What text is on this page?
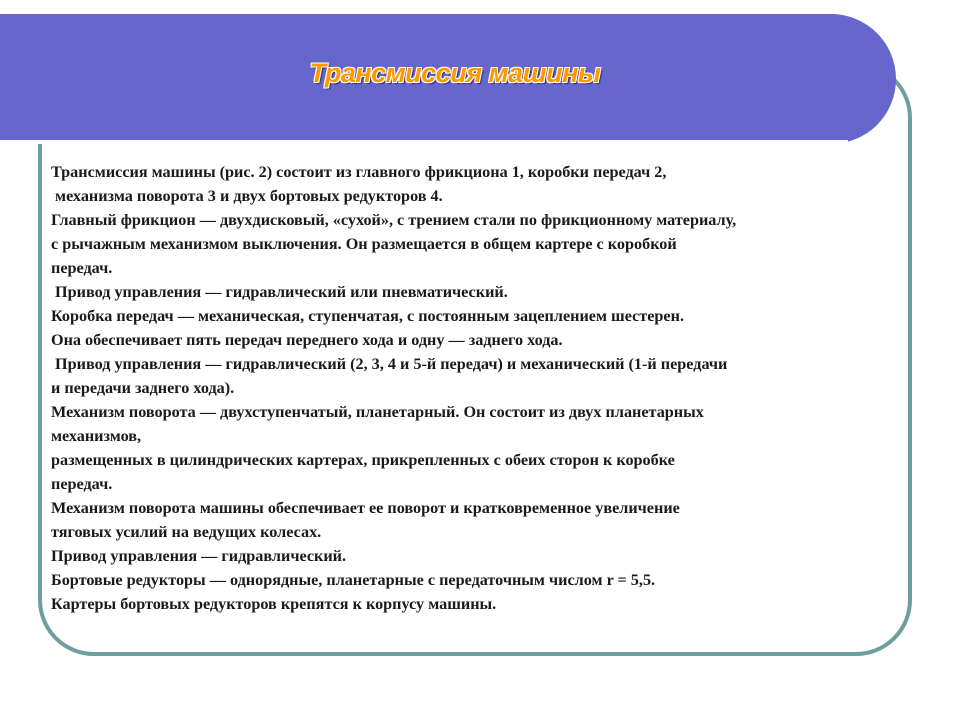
Трансмиссия машины
Трансмиссия машины (рис. 2) состоит из главного фрикциона 1, коробки передач 2,
механизма поворота 3 и двух бортовых редукторов 4.
Главный фрикцион — двухдисковый, «сухой», с трением стали по фрикционному материалу,
с рычажным механизмом выключения. Он размещается в общем картере с коробкой
передач.
Привод управления — гидравлический или пневматический.
Коробка передач — механическая, ступенчатая, с постоянным зацеплением шестерен.
Она обеспечивает пять передач переднего хода и одну — заднего хода.
Привод управления — гидравлический (2, 3, 4 и 5-й передач) и механический (1-й передачи
и передачи заднего хода).
Механизм поворота — двухступенчатый, планетарный. Он состоит из двух планетарных
механизмов,
размещенных в цилиндрических картерах, прикрепленных с обеих сторон к коробке
передач.
Механизм поворота машины обеспечивает ее поворот и кратковременное увеличение
тяговых усилий на ведущих колесах.
Привод управления — гидравлический.
Бортовые редукторы — однорядные, планетарные с передаточным числом r = 5,5.
Картеры бортовых редукторов крепятся к корпусу машины.
